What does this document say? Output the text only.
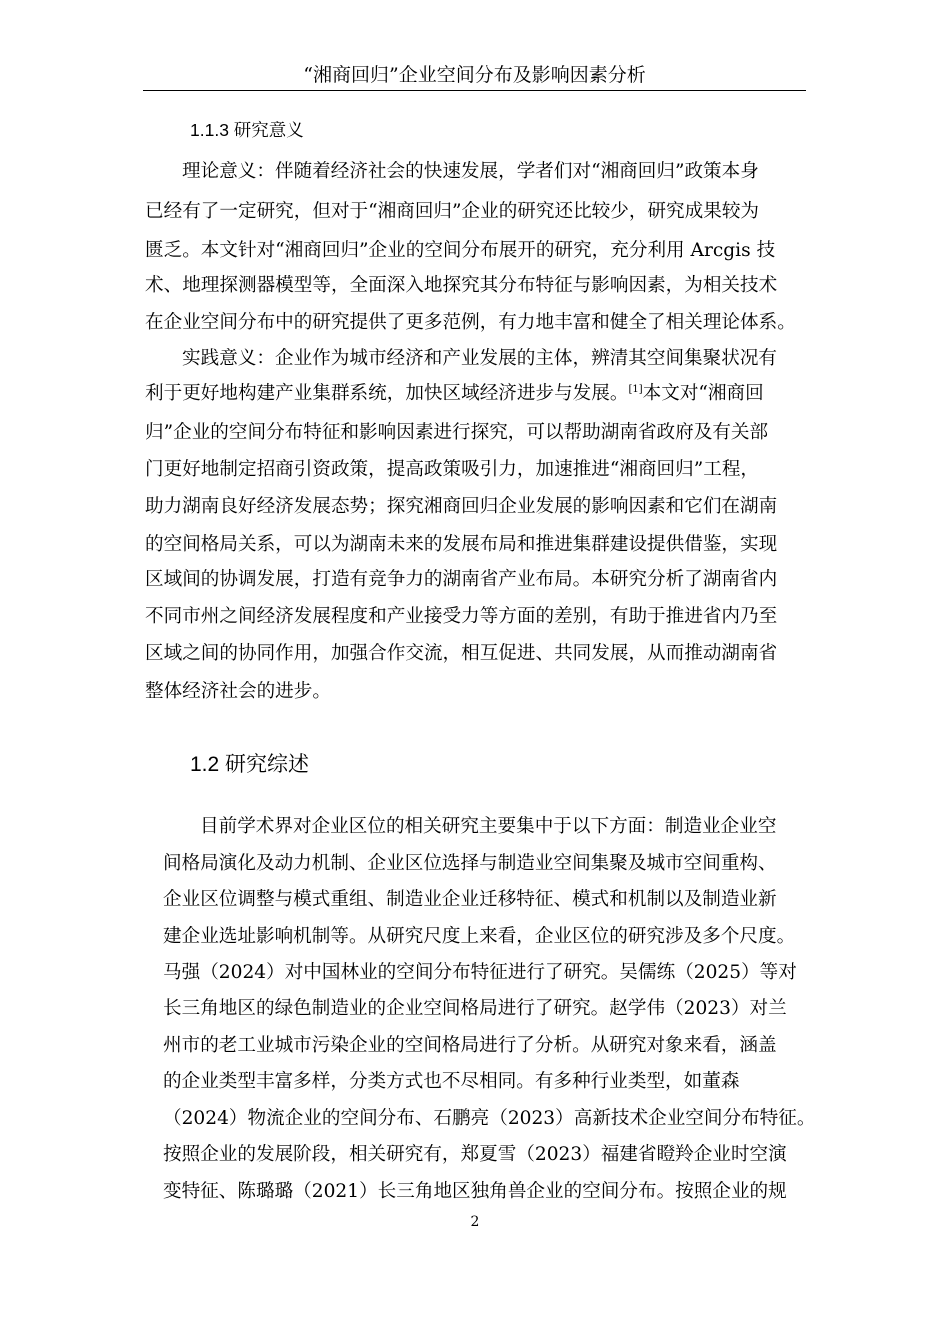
“湘商回归”企业空间分布及影响因素分析
1.1.3 研究意义
理论意义：伴随着经济社会的快速发展，学者们对“湘商回归”政策本身
已经有了一定研究，但对于“湘商回归”企业的研究还比较少，研究成果较为
匮乏。本文针对“湘商回归”企业的空间分布展开的研究，充分利用 Arcgis 技
术、地理探测器模型等，全面深入地探究其分布特征与影响因素，为相关技术
在企业空间分布中的研究提供了更多范例，有力地丰富和健全了相关理论体系。
实践意义：企业作为城市经济和产业发展的主体，辨清其空间集聚状况有
利于更好地构建产业集群系统，加快区域经济进步与发展。[1]本文对“湘商回
归”企业的空间分布特征和影响因素进行探究，可以帮助湖南省政府及有关部
门更好地制定招商引资政策，提高政策吸引力，加速推进“湘商回归”工程，
助力湖南良好经济发展态势；探究湘商回归企业发展的影响因素和它们在湖南
的空间格局关系，可以为湖南未来的发展布局和推进集群建设提供借鉴，实现
区域间的协调发展，打造有竞争力的湖南省产业布局。本研究分析了湖南省内
不同市州之间经济发展程度和产业接受力等方面的差别，有助于推进省内乃至
区域之间的协同作用，加强合作交流，相互促进、共同发展，从而推动湖南省
整体经济社会的进步。
1.2 研究综述
目前学术界对企业区位的相关研究主要集中于以下方面：制造业企业空
间格局演化及动力机制、企业区位选择与制造业空间集聚及城市空间重构、
企业区位调整与模式重组、制造业企业迁移特征、模式和机制以及制造业新
建企业选址影响机制等。从研究尺度上来看，企业区位的研究涉及多个尺度。
马强（2024）对中国林业的空间分布特征进行了研究。吴儒练（2025）等对
长三角地区的绿色制造业的企业空间格局进行了研究。赵学伟（2023）对兰
州市的老工业城市污染企业的空间格局进行了分析。从研究对象来看，涵盖
的企业类型丰富多样，分类方式也不尽相同。有多种行业类型，如董森
（2024）物流企业的空间分布、石鹏亮（2023）高新技术企业空间分布特征。
按照企业的发展阶段，相关研究有，郑夏雪（2023）福建省瞪羚企业时空演
变特征、陈璐璐（2021）长三角地区独角兽企业的空间分布。按照企业的规
2
